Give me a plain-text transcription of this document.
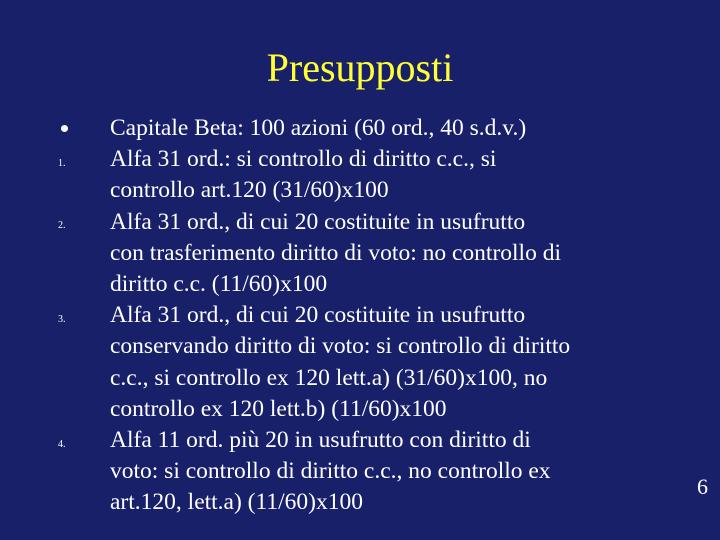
Presupposti
Capitale Beta: 100 azioni (60 ord., 40 s.d.v.)
1. Alfa 31 ord.: si controllo di diritto c.c., si
controllo art.120 (31/60)x100
2. Alfa 31 ord., di cui 20 costituite in usufrutto
con trasferimento diritto di voto: no controllo di
diritto c.c. (11/60)x100
3. Alfa 31 ord., di cui 20 costituite in usufrutto
conservando diritto di voto: si controllo di diritto
c.c., si controllo ex 120 lett.a) (31/60)x100, no
controllo ex 120 lett.b) (11/60)x100
4. Alfa 11 ord. più 20 in usufrutto con diritto di
voto: si controllo di diritto c.c., no controllo ex
art.120, lett.a) (11/60)x100
6
